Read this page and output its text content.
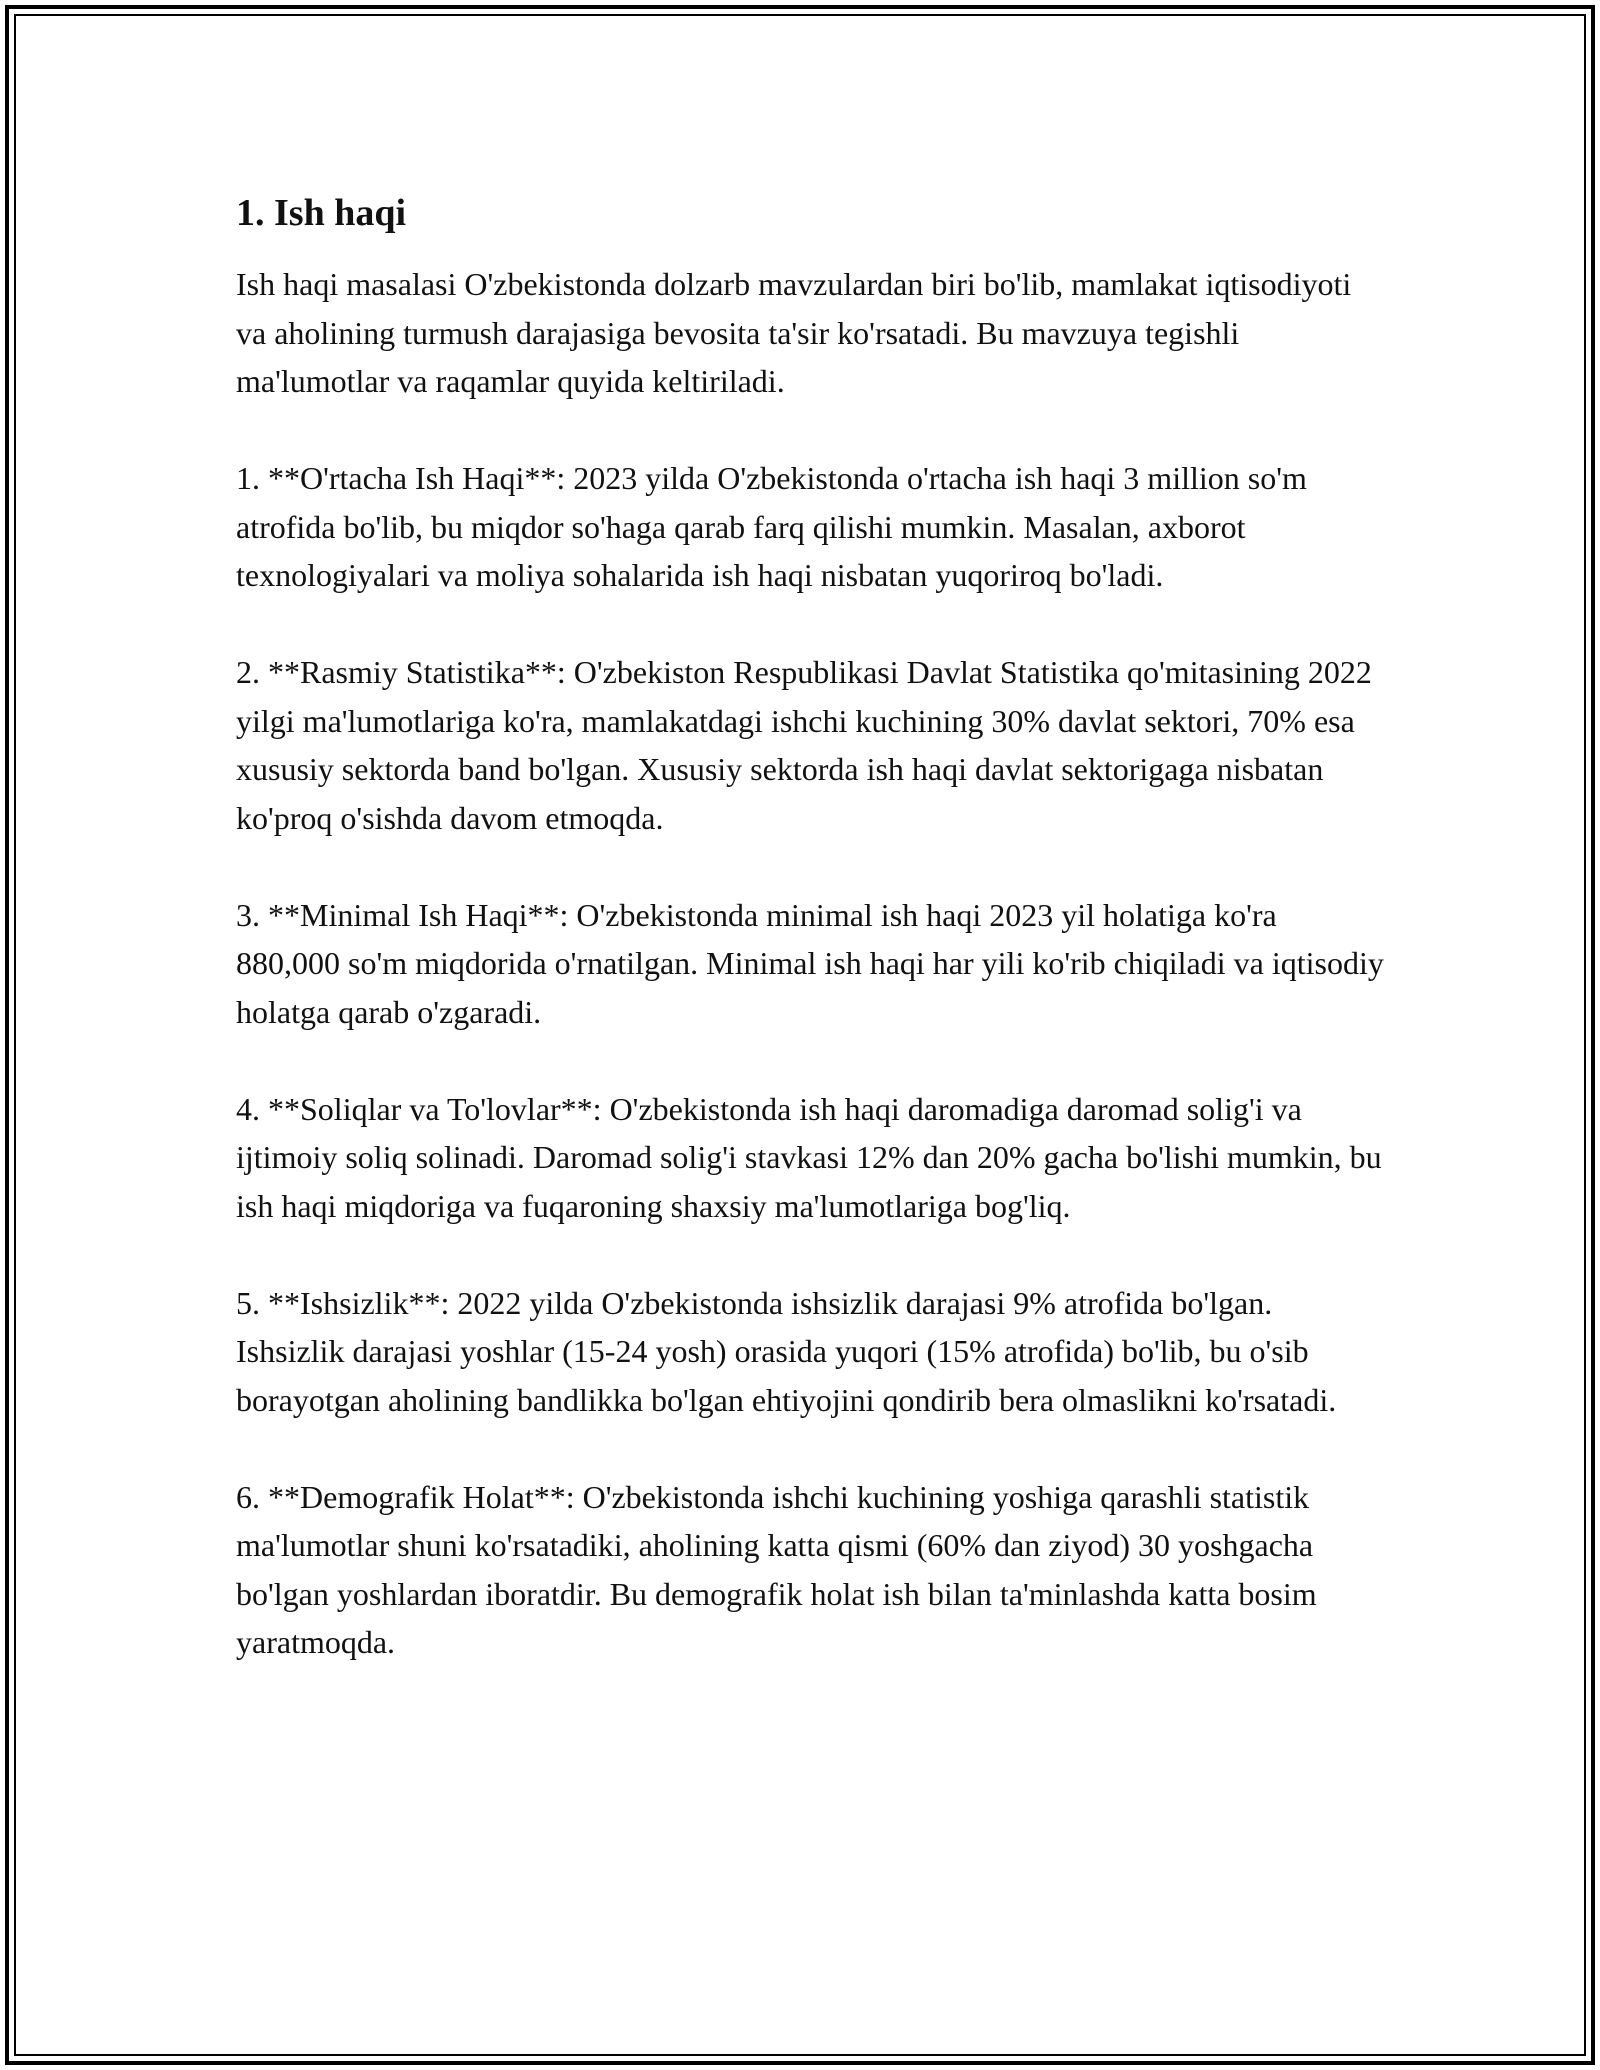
1. Ish haqi

Ish haqi masalasi O'zbekistonda dolzarb mavzulardan biri bo'lib, mamlakat iqtisodiyoti va aholining turmush darajasiga bevosita ta'sir ko'rsatadi. Bu mavzuya tegishli ma'lumotlar va raqamlar quyida keltiriladi.

1. **O'rtacha Ish Haqi**: 2023 yilda O'zbekistonda o'rtacha ish haqi 3 million so'm atrofida bo'lib, bu miqdor so'haga qarab farq qilishi mumkin. Masalan, axborot texnologiyalari va moliya sohalarida ish haqi nisbatan yuqoriroq bo'ladi.

2. **Rasmiy Statistika**: O'zbekiston Respublikasi Davlat Statistika qo'mitasining 2022 yilgi ma'lumotlariga ko'ra, mamlakatdagi ishchi kuchining 30% davlat sektori, 70% esa xususiy sektorda band bo'lgan. Xususiy sektorda ish haqi davlat sektorigaga nisbatan ko'proq o'sishda davom etmoqda.

3. **Minimal Ish Haqi**: O'zbekistonda minimal ish haqi 2023 yil holatiga ko'ra 880,000 so'm miqdorida o'rnatilgan. Minimal ish haqi har yili ko'rib chiqiladi va iqtisodiy holatga qarab o'zgaradi.

4. **Soliqlar va To'lovlar**: O'zbekistonda ish haqi daromadiga daromad solig'i va ijtimoiy soliq solinadi. Daromad solig'i stavkasi 12% dan 20% gacha bo'lishi mumkin, bu ish haqi miqdoriga va fuqaroning shaxsiy ma'lumotlariga bog'liq.

5. **Ishsizlik**: 2022 yilda O'zbekistonda ishsizlik darajasi 9% atrofida bo'lgan. Ishsizlik darajasi yoshlar (15-24 yosh) orasida yuqori (15% atrofida) bo'lib, bu o'sib borayotgan aholining bandlikka bo'lgan ehtiyojini qondirib bera olmaslikni ko'rsatadi.

6. **Demografik Holat**: O'zbekistonda ishchi kuchining yoshiga qarashli statistik ma'lumotlar shuni ko'rsatadiki, aholining katta qismi (60% dan ziyod) 30 yoshgacha bo'lgan yoshlardan iboratdir. Bu demografik holat ish bilan ta'minlashda katta bosim yaratmoqda.
